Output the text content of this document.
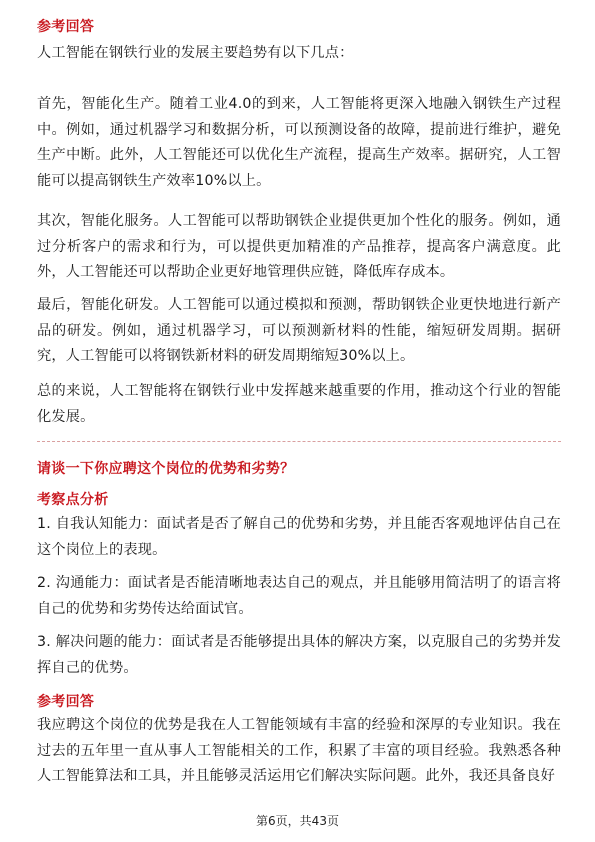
参考回答

人工智能在钢铁行业的发展主要趋势有以下几点：

首先，智能化生产。随着工业4.0的到来，人工智能将更深入地融入钢铁生产过程中。例如，通过机器学习和数据分析，可以预测设备的故障，提前进行维护，避免生产中断。此外，人工智能还可以优化生产流程，提高生产效率。据研究，人工智能可以提高钢铁生产效率10%以上。

其次，智能化服务。人工智能可以帮助钢铁企业提供更加个性化的服务。例如，通过分析客户的需求和行为，可以提供更加精准的产品推荐，提高客户满意度。此外，人工智能还可以帮助企业更好地管理供应链，降低库存成本。

最后，智能化研发。人工智能可以通过模拟和预测，帮助钢铁企业更快地进行新产品的研发。例如，通过机器学习，可以预测新材料的性能，缩短研发周期。据研究，人工智能可以将钢铁新材料的研发周期缩短30%以上。

总的来说，人工智能将在钢铁行业中发挥越来越重要的作用，推动这个行业的智能化发展。

请谈一下你应聘这个岗位的优势和劣势？
考察点分析

1. 自我认知能力：面试者是否了解自己的优势和劣势，并且能否客观地评估自己在这个岗位上的表现。

2. 沟通能力：面试者是否能清晰地表达自己的观点，并且能够用简洁明了的语言将自己的优势和劣势传达给面试官。

3. 解决问题的能力：面试者是否能够提出具体的解决方案，以克服自己的劣势并发挥自己的优势。

参考回答

我应聘这个岗位的优势是我在人工智能领域有丰富的经验和深厚的专业知识。我在过去的五年里一直从事人工智能相关的工作，积累了丰富的项目经验。我熟悉各种人工智能算法和工具，并且能够灵活运用它们解决实际问题。此外，我还具备良好

第6页，共43页
